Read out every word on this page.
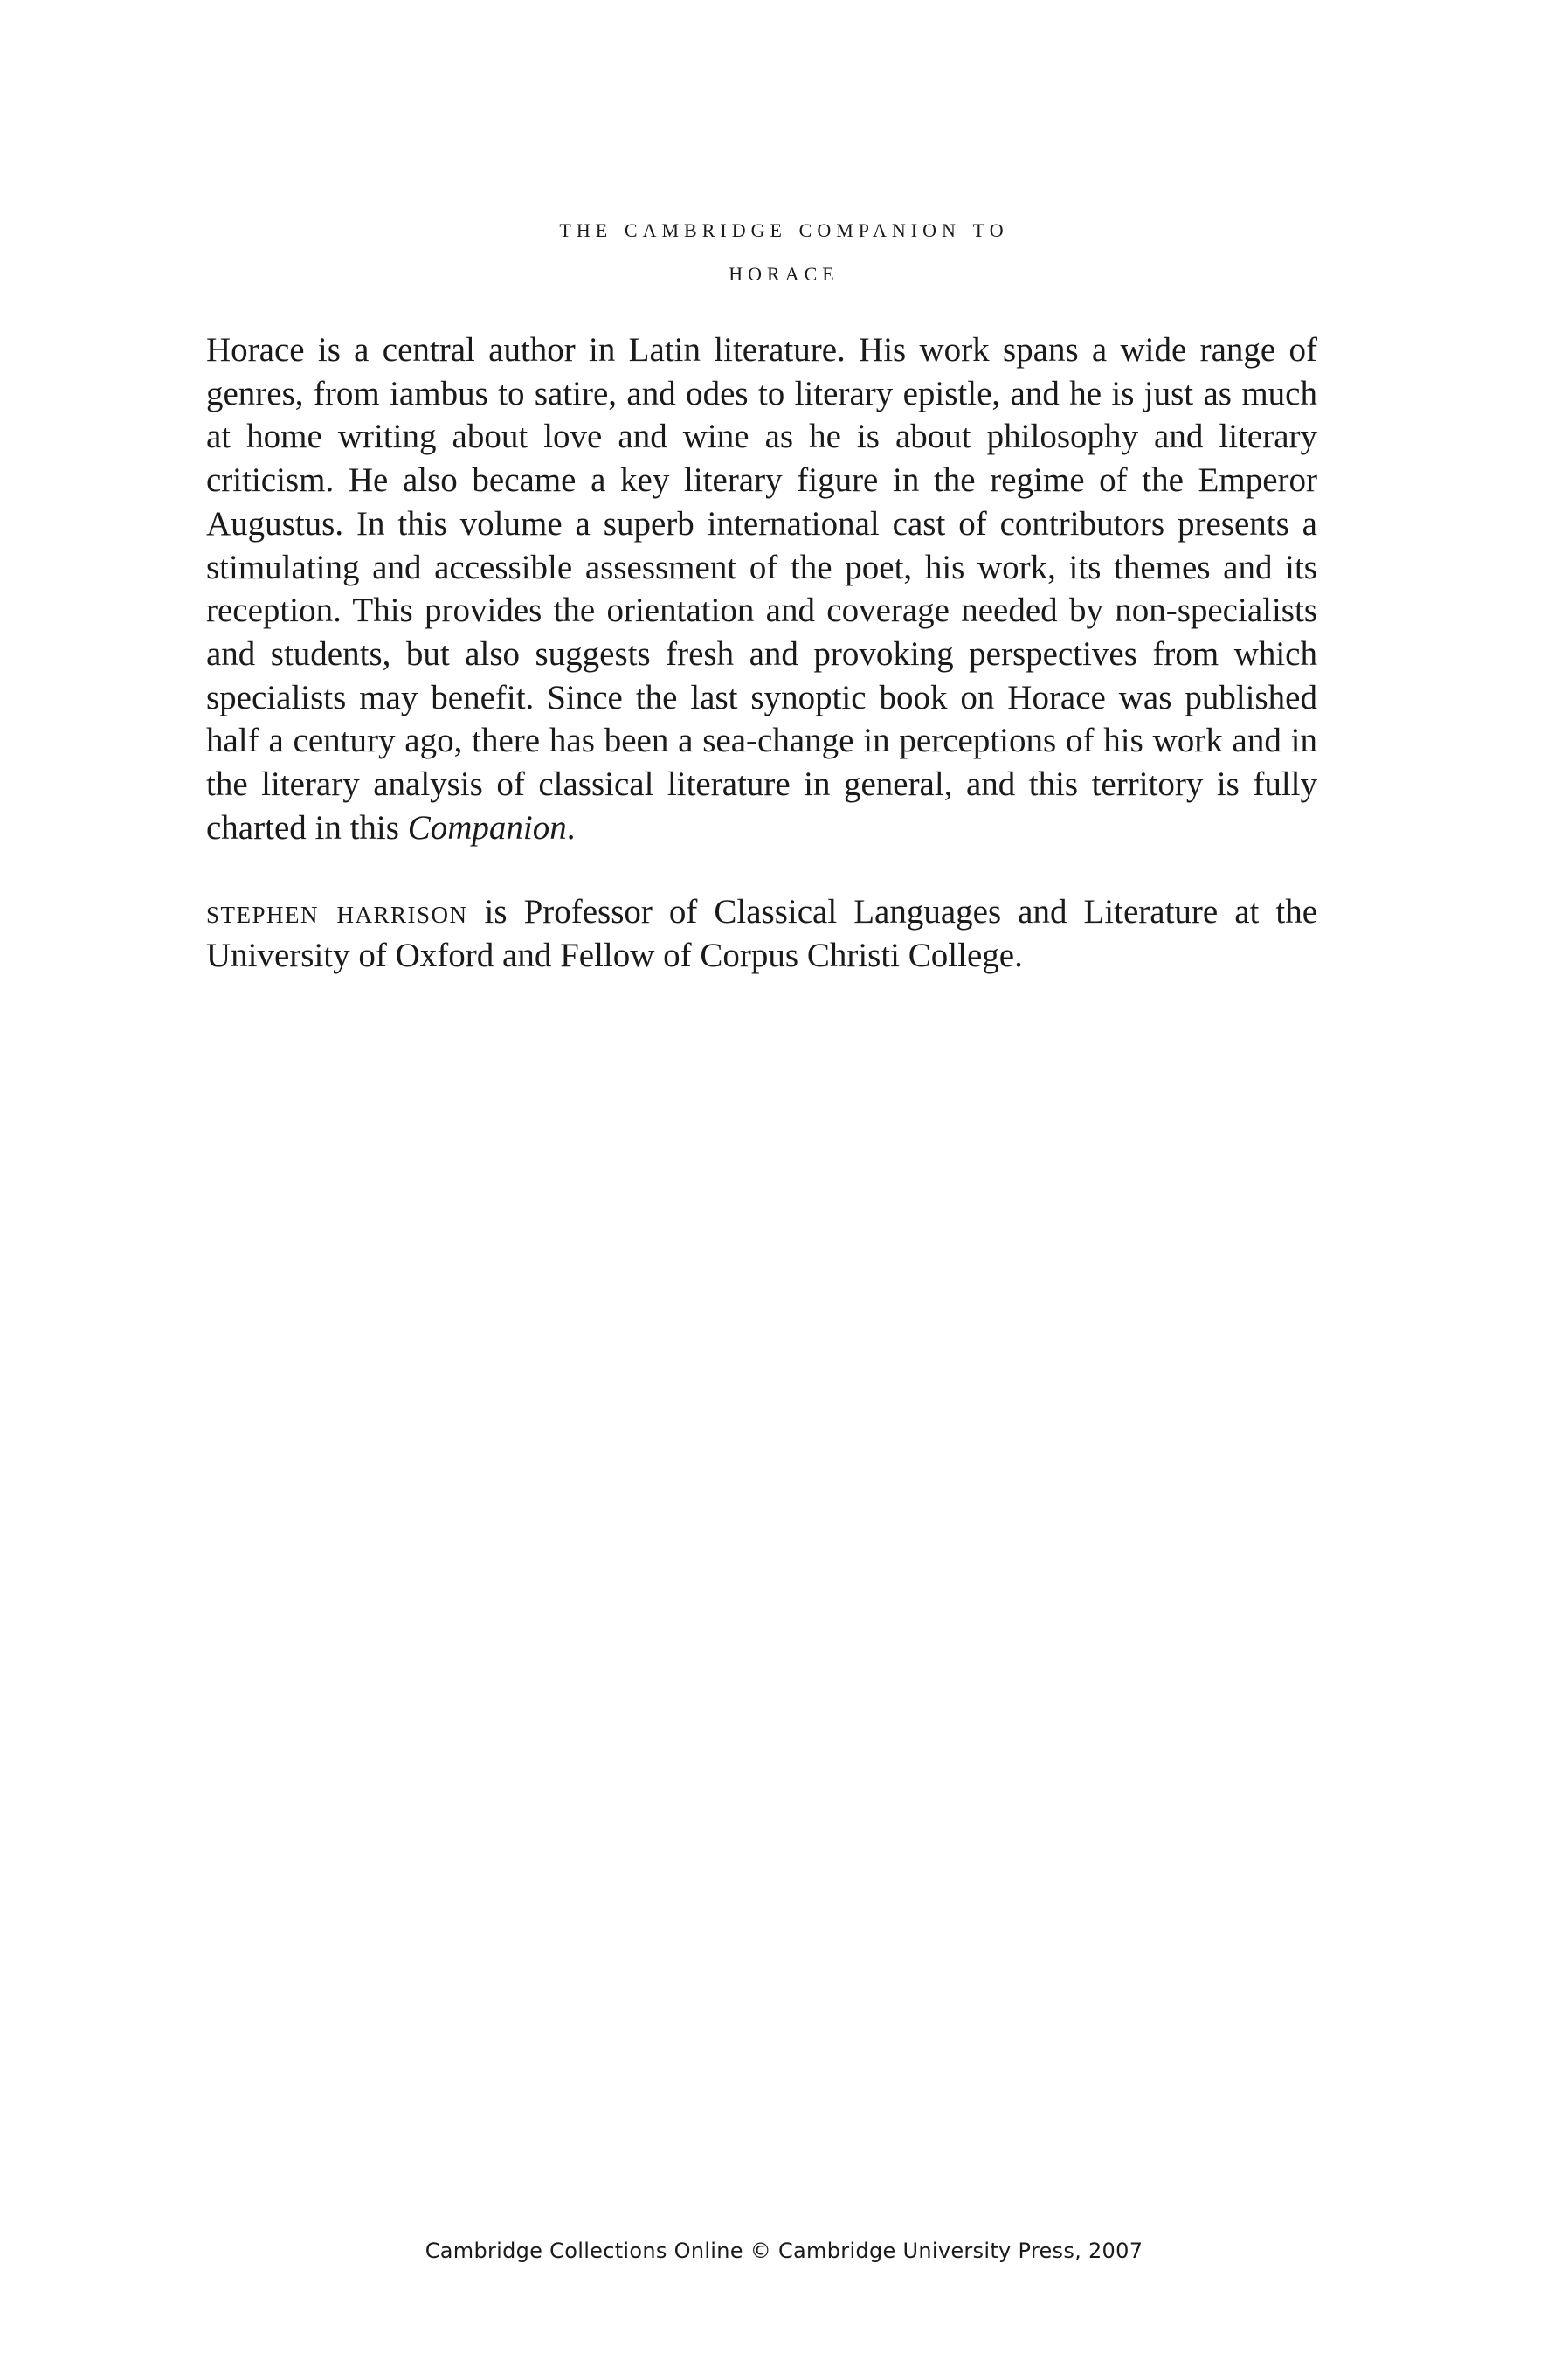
the cambridge companion to
horace

Horace is a central author in Latin literature. His work spans a wide range of genres, from iambus to satire, and odes to literary epistle, and he is just as much at home writing about love and wine as he is about philosophy and literary criticism. He also became a key literary figure in the regime of the Emperor Augustus. In this volume a superb international cast of contributors presents a stimulating and accessible assessment of the poet, his work, its themes and its reception. This provides the orientation and coverage needed by non-specialists and students, but also suggests fresh and provoking perspectives from which specialists may benefit. Since the last synoptic book on Horace was published half a century ago, there has been a sea-change in perceptions of his work and in the literary analysis of classical literature in general, and this territory is fully charted in this Companion.

stephen harrison is Professor of Classical Languages and Literature at the University of Oxford and Fellow of Corpus Christi College.

Cambridge Collections Online © Cambridge University Press, 2007
